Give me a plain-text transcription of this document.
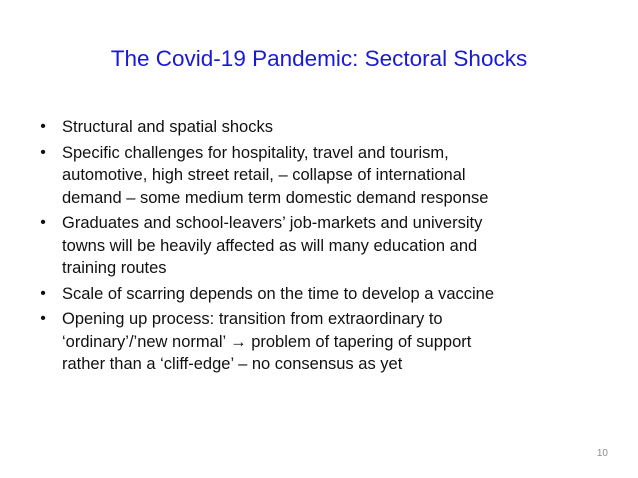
The Covid-19 Pandemic: Sectoral Shocks
• Structural and spatial shocks
• Specific challenges for hospitality, travel and tourism,
automotive, high street retail, – collapse of international
demand – some medium term domestic demand response
• Graduates and school-leavers’ job-markets and university
towns will be heavily affected as will many education and
training routes
• Scale of scarring depends on the time to develop a vaccine
• Opening up process: transition from extraordinary to
‘ordinary’/’new normal’ → problem of tapering of support
rather than a ‘cliff-edge’ – no consensus as yet
10
